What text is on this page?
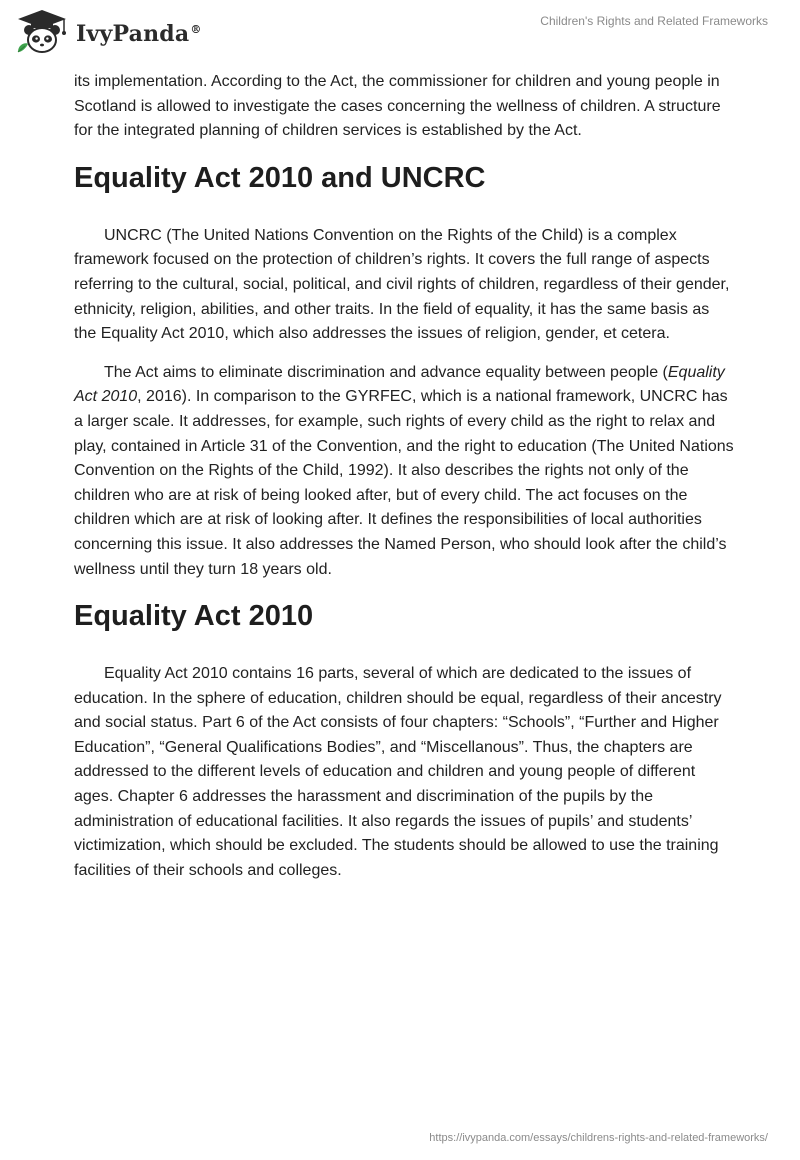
IvyPanda®
Children's Rights and Related Frameworks

its implementation. According to the Act, the commissioner for children and young people in Scotland is allowed to investigate the cases concerning the wellness of children. A structure for the integrated planning of children services is established by the Act.

Equality Act 2010 and UNCRC

UNCRC (The United Nations Convention on the Rights of the Child) is a complex framework focused on the protection of children’s rights. It covers the full range of aspects referring to the cultural, social, political, and civil rights of children, regardless of their gender, ethnicity, religion, abilities, and other traits. In the field of equality, it has the same basis as the Equality Act 2010, which also addresses the issues of religion, gender, et cetera.

The Act aims to eliminate discrimination and advance equality between people (Equality Act 2010, 2016). In comparison to the GYRFEC, which is a national framework, UNCRC has a larger scale. It addresses, for example, such rights of every child as the right to relax and play, contained in Article 31 of the Convention, and the right to education (The United Nations Convention on the Rights of the Child, 1992). It also describes the rights not only of the children who are at risk of being looked after, but of every child. The act focuses on the children which are at risk of looking after. It defines the responsibilities of local authorities concerning this issue. It also addresses the Named Person, who should look after the child’s wellness until they turn 18 years old.

Equality Act 2010

Equality Act 2010 contains 16 parts, several of which are dedicated to the issues of education. In the sphere of education, children should be equal, regardless of their ancestry and social status. Part 6 of the Act consists of four chapters: “Schools”, “Further and Higher Education”, “General Qualifications Bodies”, and “Miscellanous”. Thus, the chapters are addressed to the different levels of education and children and young people of different ages. Chapter 6 addresses the harassment and discrimination of the pupils by the administration of educational facilities. It also regards the issues of pupils’ and students’ victimization, which should be excluded. The students should be allowed to use the training facilities of their schools and colleges.

https://ivypanda.com/essays/childrens-rights-and-related-frameworks/
